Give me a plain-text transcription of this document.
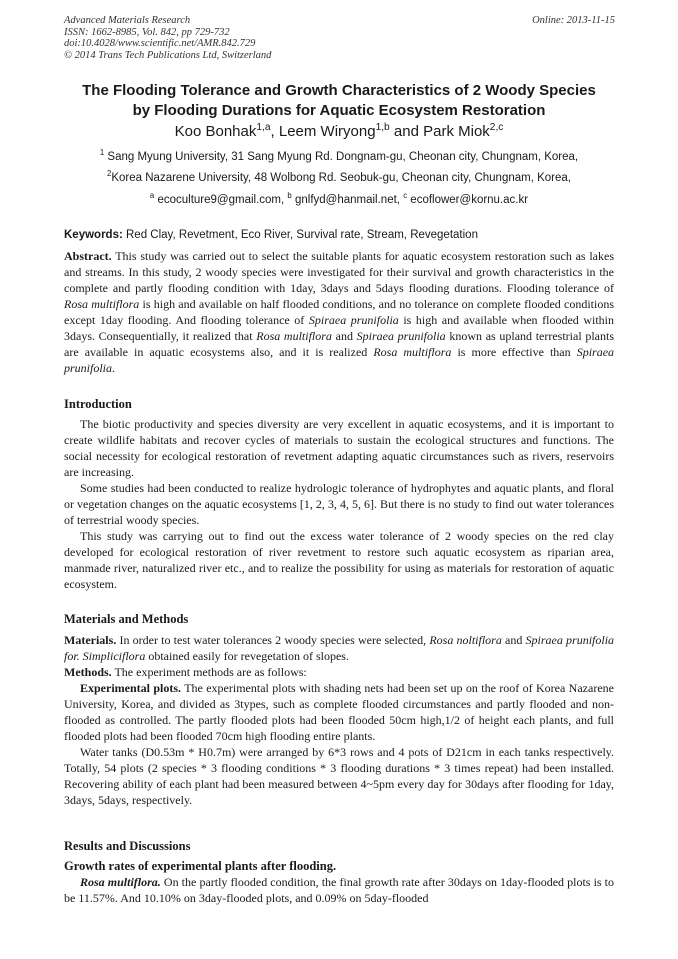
Advanced Materials Research
ISSN: 1662-8985, Vol. 842, pp 729-732
doi:10.4028/www.scientific.net/AMR.842.729
© 2014 Trans Tech Publications Ltd, Switzerland
Online: 2013-11-15
The Flooding Tolerance and Growth Characteristics of 2 Woody Species
by Flooding Durations for Aquatic Ecosystem Restoration
Koo Bonhak$^{1,a}$, Leem Wiryong$^{1,b}$ and Park Miok$^{2,c}$
$^1$ Sang Myung University, 31 Sang Myung Rd. Dongnam-gu, Cheonan city, Chungnam, Korea,
$^2$Korea Nazarene University, 48 Wolbong Rd. Seobuk-gu, Cheonan city, Chungnam, Korea,
$^a$ ecoculture9@gmail.com, $^b$ gnlfyd@hanmail.net, $^c$ ecoflower@kornu.ac.kr
Keywords: Red Clay, Revetment, Eco River, Survival rate, Stream, Revegetation

Abstract. This study was carried out to select the suitable plants for aquatic ecosystem restoration such as lakes and streams. In this study, 2 woody species were investigated for their survival and growth characteristics in the complete and partly flooding condition with 1day, 3days and 5days flooding durations. Flooding tolerance of Rosa multiflora is high and available on half flooded conditions, and no tolerance on complete flooded conditions except 1day flooding. And flooding tolerance of Spiraea prunifolia is high and available when flooded within 3days. Consequentially, it realized that Rosa multiflora and Spiraea prunifolia known as upland terrestrial plants are available in aquatic ecosystems also, and it is realized Rosa multiflora is more effective than Spiraea prunifolia.

Introduction

The biotic productivity and species diversity are very excellent in aquatic ecosystems, and it is important to create wildlife habitats and recover cycles of materials to sustain the ecological structures and functions. The social necessity for ecological restoration of revetment adapting aquatic circumstances such as rivers, reservoirs are increasing.

Some studies had been conducted to realize hydrologic tolerance of hydrophytes and aquatic plants, and floral or vegetation changes on the aquatic ecosystems [1, 2, 3, 4, 5, 6]. But there is no study to find out water tolerances of terrestrial woody species.

This study was carrying out to find out the excess water tolerance of 2 woody species on the red clay developed for ecological restoration of river revetment to restore such aquatic ecosystem as riparian area, manmade river, naturalized river etc., and to realize the possibility for using as materials for restoration of aquatic ecosystem.

Materials and Methods

Materials. In order to test water tolerances 2 woody species were selected, Rosa noltiflora and Spiraea prunifolia for. Simpliciflora obtained easily for revegetation of slopes.

Methods. The experiment methods are as follows:

Experimental plots. The experimental plots with shading nets had been set up on the roof of Korea Nazarene University, Korea, and divided as 3types, such as complete flooded circumstances and partly flooded and non-flooded as controlled. The partly flooded plots had been flooded 50cm high,1/2 of height each plants, and full flooded plots had been flooded 70cm high flooding entire plants.

Water tanks (D0.53m * H0.7m) were arranged by 6*3 rows and 4 pots of D21cm in each tanks respectively. Totally, 54 plots (2 species * 3 flooding conditions * 3 flooding durations * 3 times repeat) had been installed. Recovering ability of each plant had been measured between 4~5pm every day for 30days after flooding for 1day, 3days, 5days, respectively.

Results and Discussions
Growth rates of experimental plants after flooding.

Rosa multiflora. On the partly flooded condition, the final growth rate after 30days on 1day-flooded plots is to be 11.57%. And 10.10% on 3day-flooded plots, and 0.09% on 5day-flooded
